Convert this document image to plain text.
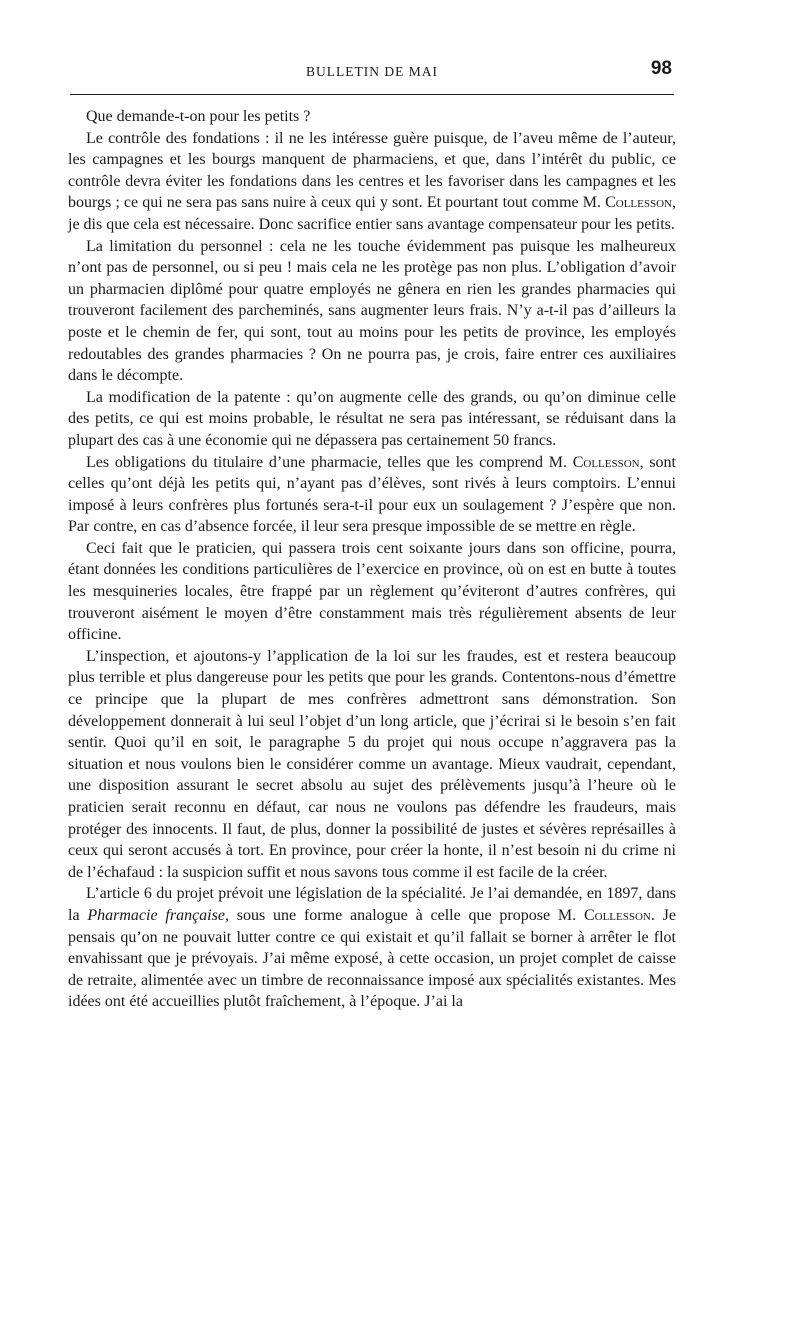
BULLETIN DE MAI	98

Que demande-t-on pour les petits ?

Le contrôle des fondations : il ne les intéresse guère puisque, de l’aveu même de l’auteur, les campagnes et les bourgs manquent de pharmaciens, et que, dans l’intérêt du public, ce contrôle devra éviter les fondations dans les centres et les favoriser dans les campagnes et les bourgs ; ce qui ne sera pas sans nuire à ceux qui y sont. Et pourtant tout comme M. Collesson, je dis que cela est nécessaire. Donc sacrifice entier sans avantage compensateur pour les petits.

La limitation du personnel : cela ne les touche évidemment pas puisque les malheureux n’ont pas de personnel, ou si peu ! mais cela ne les protège pas non plus. L’obligation d’avoir un pharmacien diplômé pour quatre employés ne gênera en rien les grandes pharmacies qui trouveront facilement des parcheminés, sans augmenter leurs frais. N’y a-t-il pas d’ailleurs la poste et le chemin de fer, qui sont, tout au moins pour les petits de province, les employés redoutables des grandes pharmacies ? On ne pourra pas, je crois, faire entrer ces auxiliaires dans le décompte.

La modification de la patente : qu’on augmente celle des grands, ou qu’on diminue celle des petits, ce qui est moins probable, le résultat ne sera pas intéressant, se réduisant dans la plupart des cas à une économie qui ne dépassera pas certainement 50 francs.

Les obligations du titulaire d’une pharmacie, telles que les comprend M. Collesson, sont celles qu’ont déjà les petits qui, n’ayant pas d’élèves, sont rivés à leurs comptoirs. L’ennui imposé à leurs confrères plus fortunés sera-t-il pour eux un soulagement ? J’espère que non. Par contre, en cas d’absence forcée, il leur sera presque impossible de se mettre en règle.

Ceci fait que le praticien, qui passera trois cent soixante jours dans son officine, pourra, étant données les conditions particulières de l’exercice en province, où on est en butte à toutes les mesquineries locales, être frappé par un règlement qu’éviteront d’autres confrères, qui trouveront aisément le moyen d’être constamment mais très régulièrement absents de leur officine.

L’inspection, et ajoutons-y l’application de la loi sur les fraudes, est et restera beaucoup plus terrible et plus dangereuse pour les petits que pour les grands. Contentons-nous d’émettre ce principe que la plupart de mes confrères admettront sans démonstration. Son développement donnerait à lui seul l’objet d’un long article, que j’écrirai si le besoin s’en fait sentir. Quoi qu’il en soit, le paragraphe 5 du projet qui nous occupe n’aggravera pas la situation et nous voulons bien le considérer comme un avantage. Mieux vaudrait, cependant, une disposition assurant le secret absolu au sujet des prélèvements jusqu’à l’heure où le praticien serait reconnu en défaut, car nous ne voulons pas défendre les fraudeurs, mais protéger des innocents. Il faut, de plus, donner la possibilité de justes et sévères représailles à ceux qui seront accusés à tort. En province, pour créer la honte, il n’est besoin ni du crime ni de l’échafaud : la suspicion suffit et nous savons tous comme il est facile de la créer.

L’article 6 du projet prévoit une législation de la spécialité. Je l’ai demandée, en 1897, dans la Pharmacie française, sous une forme analogue à celle que propose M. Collesson. Je pensais qu’on ne pouvait lutter contre ce qui existait et qu’il fallait se borner à arrêter le flot envahissant que je prévoyais. J’ai même exposé, à cette occasion, un projet complet de caisse de retraite, alimentée avec un timbre de reconnaissance imposé aux spécialités existantes. Mes idées ont été accueillies plutôt fraîchement, à l’époque. J’ai la
